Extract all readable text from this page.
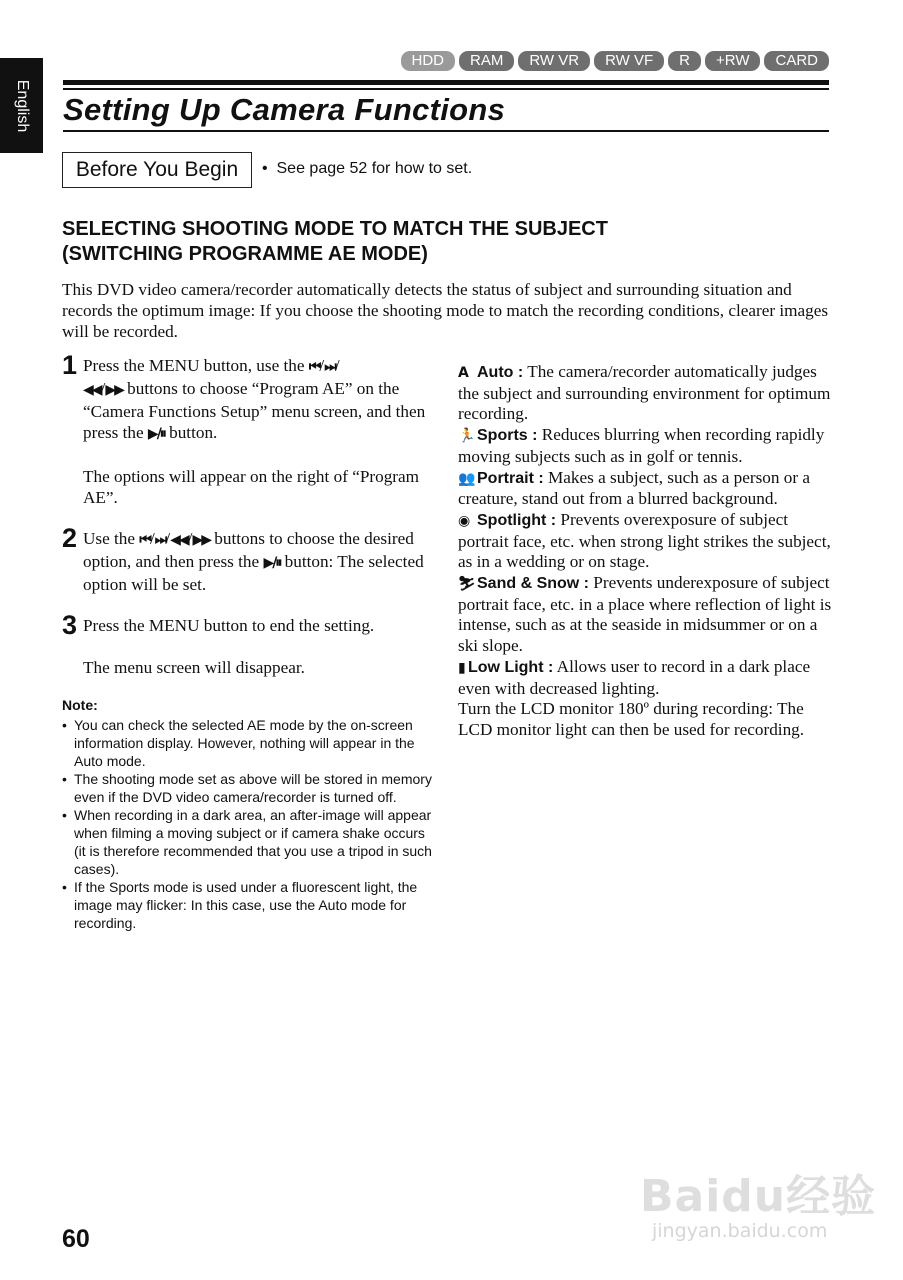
English
HDD	RAM	RW VR	RW VF	R	+RW	CARD
Setting Up Camera Functions
Before You Begin	•  See page 52 for how to set.
SELECTING SHOOTING MODE TO MATCH THE SUBJECT
(SWITCHING PROGRAMME AE MODE)

This DVD video camera/recorder automatically detects the status of subject and surrounding situation and records the optimum image: If you choose the shooting mode to match the recording conditions, clearer images will be recorded.

1 Press the MENU button, use the ⏮/⏭/
◀◀/▶▶ buttons to choose “Program AE” on the “Camera Functions Setup” menu screen, and then press the ▶/⏸ button.

The options will appear on the right of “Program AE”.

2 Use the ⏮/⏭/◀◀/▶▶ buttons to choose the desired option, and then press the ▶/⏸ button: The selected option will be set.

3 Press the MENU button to end the setting.

The menu screen will disappear.

Note:
• You can check the selected AE mode by the on-screen information display. However, nothing will appear in the Auto mode.
• The shooting mode set as above will be stored in memory even if the DVD video camera/recorder is turned off.
• When recording in a dark area, an after-image will appear when filming a moving subject or if camera shake occurs (it is therefore recommended that you use a tripod in such cases).
• If the Sports mode is used under a fluorescent light, the image may flicker: In this case, use the Auto mode for recording.

A Auto : The camera/recorder automatically judges the subject and surrounding environment for optimum recording.

🏃Sports : Reduces blurring when recording rapidly moving subjects such as in golf or tennis.

👥Portrait : Makes a subject, such as a person or a creature, stand out from a blurred background.

◉ Spotlight : Prevents overexposure of subject portrait face, etc. when strong light strikes the subject, as in a wedding or on stage.

⛷Sand & Snow : Prevents underexposure of subject portrait face, etc. in a place where reflection of light is intense, such as at the seaside in midsummer or on a ski slope.

▮ Low Light : Allows user to record in a dark place even with decreased lighting.

Turn the LCD monitor 180º during recording: The LCD monitor light can then be used for recording.

60
Baidu经验
jingyan.baidu.com
